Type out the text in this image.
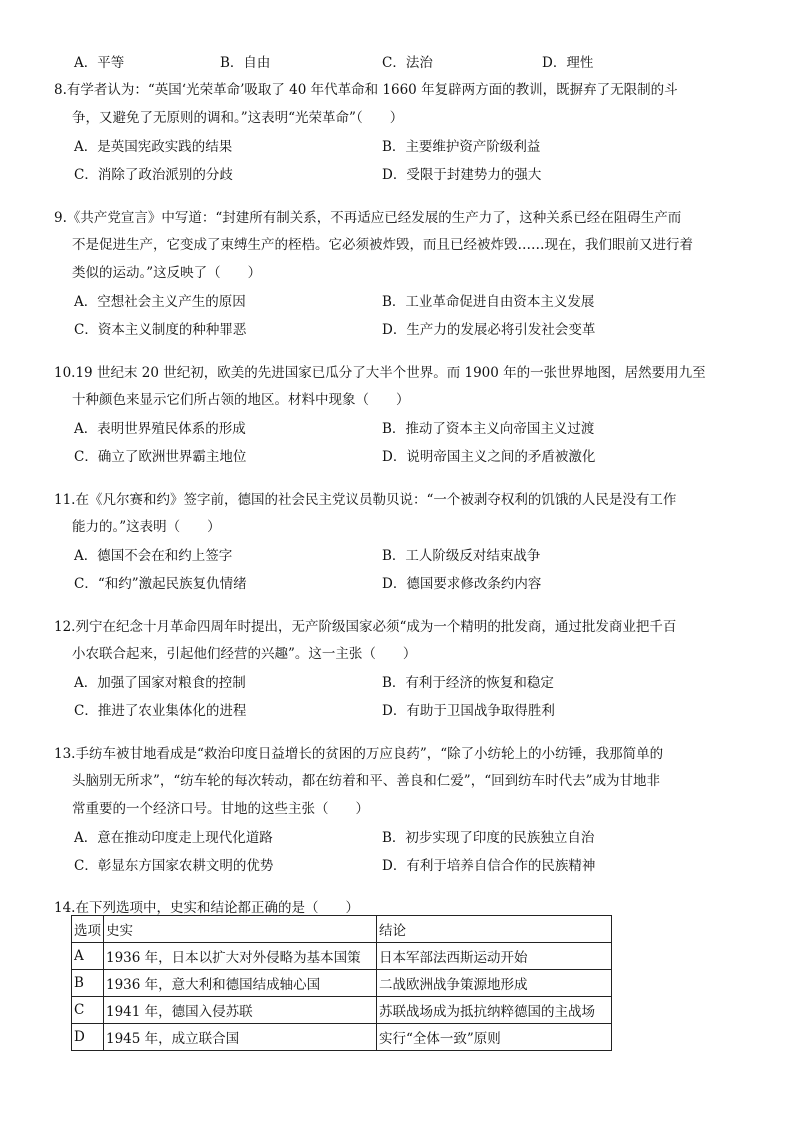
A．平等	B．自由	C．法治	D．理性
8.有学者认为：“英国‘光荣革命’吸取了 40 年代革命和 1660 年复辟两方面的教训，既摒弃了无限制的斗
争，又避免了无原则的调和。”这表明“光荣革命”（　　）
A．是英国宪政实践的结果	B．主要维护资产阶级利益
C．消除了政治派别的分歧	D．受限于封建势力的强大
9.《共产党宣言》中写道：“封建所有制关系，不再适应已经发展的生产力了，这种关系已经在阻碍生产而
不是促进生产，它变成了束缚生产的桎梏。它必须被炸毁，而且已经被炸毁……现在，我们眼前又进行着
类似的运动。”这反映了（　　）
A．空想社会主义产生的原因	B．工业革命促进自由资本主义发展
C．资本主义制度的种种罪恶	D．生产力的发展必将引发社会变革
10.19 世纪末 20 世纪初，欧美的先进国家已瓜分了大半个世界。而 1900 年的一张世界地图，居然要用九至
十种颜色来显示它们所占领的地区。材料中现象（　　）
A．表明世界殖民体系的形成	B．推动了资本主义向帝国主义过渡
C．确立了欧洲世界霸主地位	D．说明帝国主义之间的矛盾被激化
11.在《凡尔赛和约》签字前，德国的社会民主党议员勒贝说：“一个被剥夺权利的饥饿的人民是没有工作
能力的。”这表明（　　）
A．德国不会在和约上签字	B．工人阶级反对结束战争
C．“和约”激起民族复仇情绪	D．德国要求修改条约内容
12.列宁在纪念十月革命四周年时提出，无产阶级国家必须“成为一个精明的批发商，通过批发商业把千百
小农联合起来，引起他们经营的兴趣”。这一主张（　　）
A．加强了国家对粮食的控制	B．有利于经济的恢复和稳定
C．推进了农业集体化的进程	D．有助于卫国战争取得胜利
13.手纺车被甘地看成是“救治印度日益增长的贫困的万应良药”，“除了小纺轮上的小纺锤，我那简单的
头脑别无所求”，“纺车轮的每次转动，都在纺着和平、善良和仁爱”，“回到纺车时代去”成为甘地非
常重要的一个经济口号。甘地的这些主张（　　）
A．意在推动印度走上现代化道路	B．初步实现了印度的民族独立自治
C．彰显东方国家农耕文明的优势	D．有利于培养自信合作的民族精神
14.在下列选项中，史实和结论都正确的是（　　）
选项	史实	结论
A	1936 年，日本以扩大对外侵略为基本国策	日本军部法西斯运动开始
B	1936 年，意大利和德国结成轴心国	二战欧洲战争策源地形成
C	1941 年，德国入侵苏联	苏联战场成为抵抗纳粹德国的主战场
D	1945 年，成立联合国	实行“全体一致”原则
